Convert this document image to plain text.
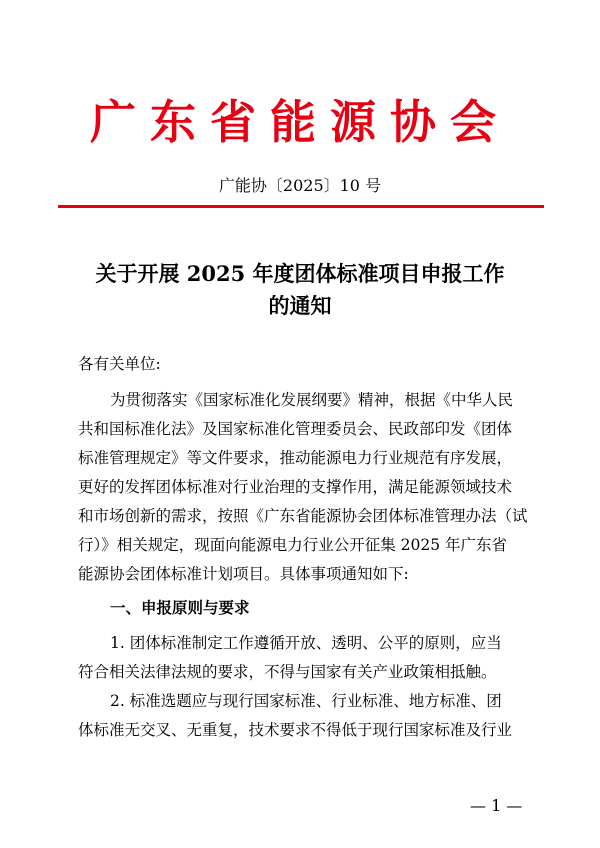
广东省能源协会
广能协〔2025〕10 号
关于开展 2025 年度团体标准项目申报工作
的通知
各有关单位:
为贯彻落实《国家标准化发展纲要》精神，根据《中华人民
共和国标准化法》及国家标准化管理委员会、民政部印发《团体
标准管理规定》等文件要求，推动能源电力行业规范有序发展，
更好的发挥团体标准对行业治理的支撑作用，满足能源领域技术
和市场创新的需求，按照《广东省能源协会团体标准管理办法（试
行）》相关规定，现面向能源电力行业公开征集 2025 年广东省
能源协会团体标准计划项目。具体事项通知如下:
一、申报原则与要求
1. 团体标准制定工作遵循开放、透明、公平的原则，应当
符合相关法律法规的要求，不得与国家有关产业政策相抵触。
2. 标准选题应与现行国家标准、行业标准、地方标准、团
体标准无交叉、无重复，技术要求不得低于现行国家标准及行业
— 1 —
